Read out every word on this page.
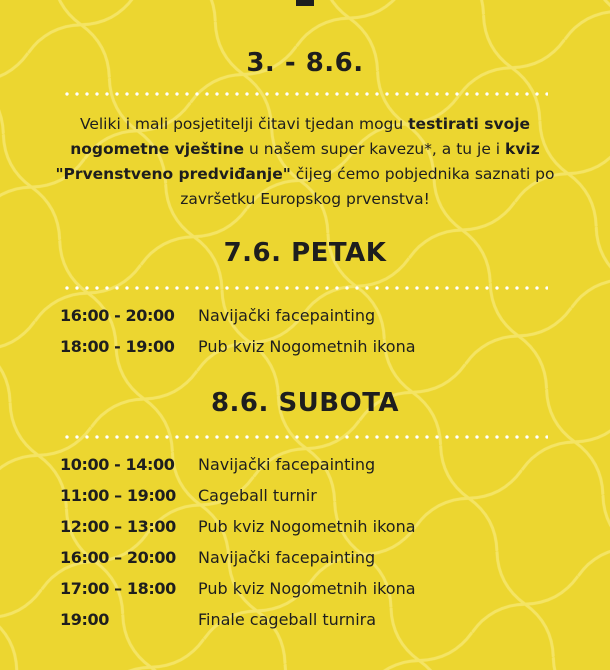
3. - 8.6.
Veliki i mali posjetitelji čitavi tjedan mogu testirati svoje nogometne vještine u našem super kavezu*, a tu je i kviz "Prvenstveno predviđanje" čijeg ćemo pobjednika saznati po završetku Europskog prvenstva!
7.6. PETAK
16:00 - 20:00	Navijački facepainting
18:00 - 19:00	Pub kviz Nogometnih ikona
8.6. SUBOTA
10:00 - 14:00	Navijački facepainting
11:00 – 19:00	Cageball turnir
12:00 – 13:00	Pub kviz Nogometnih ikona
16:00 – 20:00	Navijački facepainting
17:00 – 18:00	Pub kviz Nogometnih ikona
19:00	Finale cageball turnira
